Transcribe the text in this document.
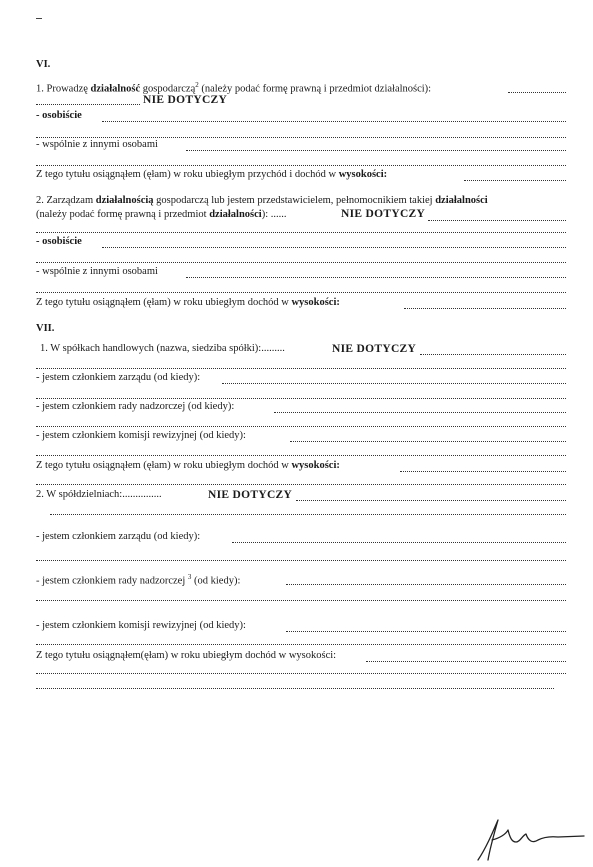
VI.
1. Prowadzę działalność gospodarczą$^2$ (należy podać formę prawną i przedmiot działalności):
NIE DOTYCZY
- osobiście
- wspólnie z innymi osobami
Z tego tytułu osiągnąłem (ęłam) w roku ubiegłym przychód i dochód w wysokości:
2. Zarządzam działalnością gospodarczą lub jestem przedstawicielem, pełnomocnikiem takiej działalności
(należy podać formę prawną i przedmiot działalności): ......	NIE DOTYCZY
- osobiście
- wspólnie z innymi osobami
Z tego tytułu osiągnąłem (ęłam) w roku ubiegłym dochód w wysokości:
VII.
1. W spółkach handlowych (nazwa, siedziba spółki):.........	NIE DOTYCZY
- jestem członkiem zarządu (od kiedy):
- jestem członkiem rady nadzorczej (od kiedy):
- jestem członkiem komisji rewizyjnej (od kiedy):
Z tego tytułu osiągnąłem (ęłam) w roku ubiegłym dochód w wysokości:
2. W spółdzielniach:...............	NIE DOTYCZY
- jestem członkiem zarządu (od kiedy):
- jestem członkiem rady nadzorczej $^3$ (od kiedy):
- jestem członkiem komisji rewizyjnej (od kiedy):
Z tego tytułu osiągnąłem(ęłam) w roku ubiegłym dochód w wysokości:
